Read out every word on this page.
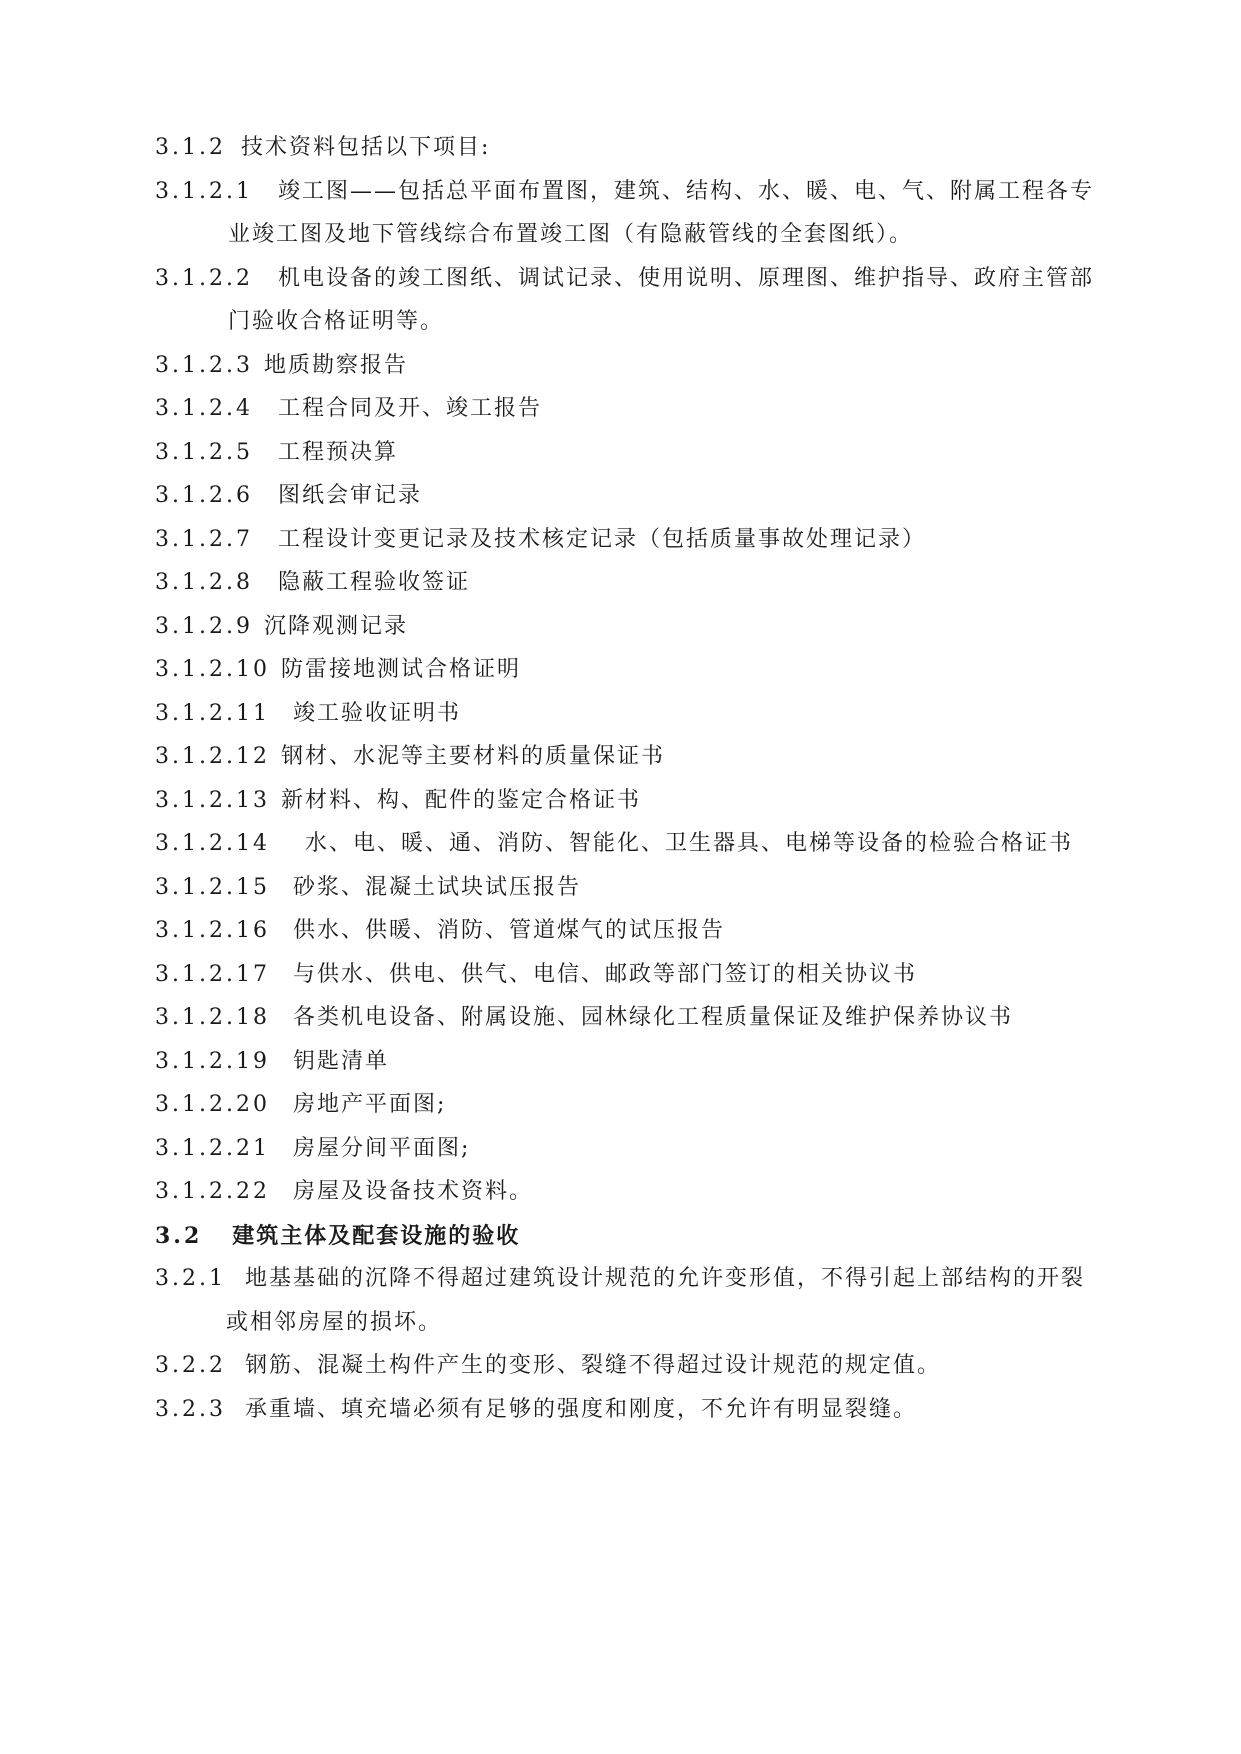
3.1.2 技术资料包括以下项目:
3.1.2.1 竣工图——包括总平面布置图，建筑、结构、水、暖、电、气、附属工程各专
业竣工图及地下管线综合布置竣工图（有隐蔽管线的全套图纸）。
3.1.2.2 机电设备的竣工图纸、调试记录、使用说明、原理图、维护指导、政府主管部
门验收合格证明等。
3.1.2.3 地质勘察报告
3.1.2.4 工程合同及开、竣工报告
3.1.2.5 工程预决算
3.1.2.6 图纸会审记录
3.1.2.7 工程设计变更记录及技术核定记录（包括质量事故处理记录）
3.1.2.8 隐蔽工程验收签证
3.1.2.9 沉降观测记录
3.1.2.10 防雷接地测试合格证明
3.1.2.11 竣工验收证明书
3.1.2.12 钢材、水泥等主要材料的质量保证书
3.1.2.13 新材料、构、配件的鉴定合格证书
3.1.2.14 水、电、暖、通、消防、智能化、卫生器具、电梯等设备的检验合格证书
3.1.2.15 砂浆、混凝土试块试压报告
3.1.2.16 供水、供暖、消防、管道煤气的试压报告
3.1.2.17 与供水、供电、供气、电信、邮政等部门签订的相关协议书
3.1.2.18 各类机电设备、附属设施、园林绿化工程质量保证及维护保养协议书
3.1.2.19 钥匙清单
3.1.2.20 房地产平面图;
3.1.2.21 房屋分间平面图;
3.1.2.22 房屋及设备技术资料。
3.2 建筑主体及配套设施的验收
3.2.1 地基基础的沉降不得超过建筑设计规范的允许变形值，不得引起上部结构的开裂
或相邻房屋的损坏。
3.2.2 钢筋、混凝土构件产生的变形、裂缝不得超过设计规范的规定值。
3.2.3 承重墙、填充墙必须有足够的强度和刚度，不允许有明显裂缝。
